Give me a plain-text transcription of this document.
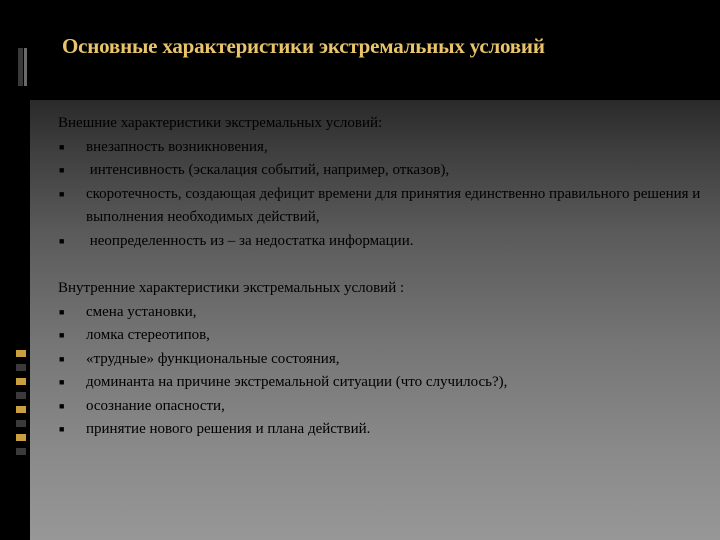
Основные характеристики экстремальных условий

Внешние характеристики экстремальных условий:

■ внезапность возникновения,
■ интенсивность (эскалация событий, например, отказов),
■ скоротечность, создающая дефицит времени для принятия единственно правильного решения и выполнения необходимых действий,
■ неопределенность из – за недостатка информации.

Внутренние характеристики экстремальных условий :

■ смена установки,
■ ломка стереотипов,
■ «трудные» функциональные состояния,
■ доминанта на причине экстремальной ситуации (что случилось?),
■ осознание опасности,
■ принятие нового решения и плана действий.
